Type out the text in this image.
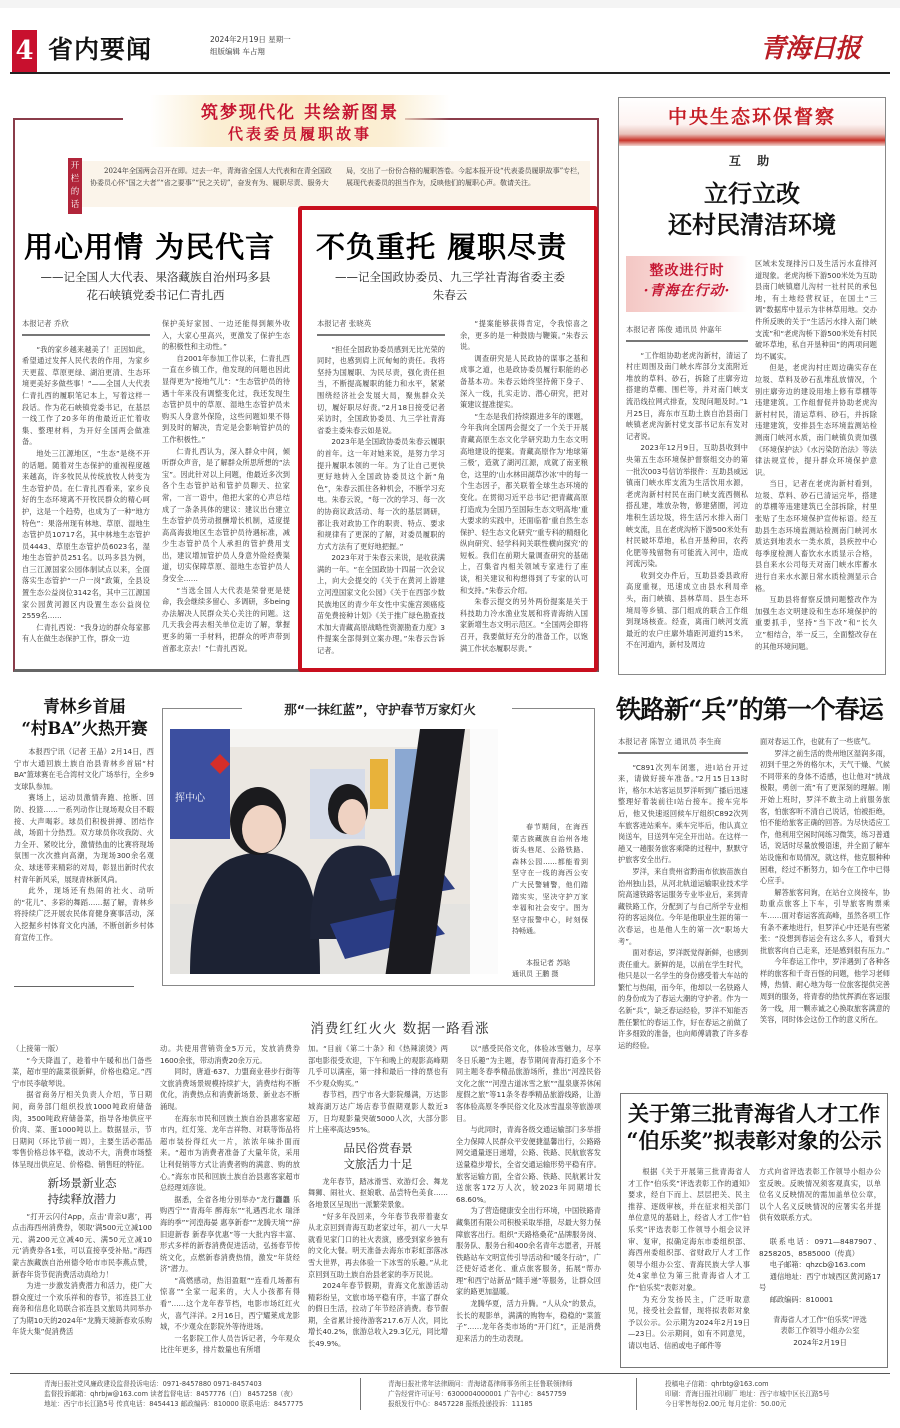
4 省内要闻	2024年2月19日 星期一
组版编辑 车占翔	青海日报
筑梦现代化 共绘新图景
代表委员履职故事
开栏的话

2024年全国两会召开在即。过去一年，青海省全国人大代表和在青全国政协委员心怀“国之大者”“省之要事”“民之关切”，奋发有为、履职尽责、服务大局，交出了一份份合格的履职答卷。今起本报开设“代表委员履职故事”专栏，展现代表委员的担当作为，反映他们的履职心声。敬请关注。

用心用情 为民代言
——记全国人大代表、果洛藏族自治州玛多县
花石峡镇党委书记仁青扎西
本报记者 乔欣

“我的家乡越来越美了！正因如此，希望通过发挥人民代表的作用，为家乡天更蓝、草原更绿、湖泊更清、生态环境更美好多做些事！”——全国人大代表仁青扎西的履职笔记本上，写着这样一段话。作为花石峡镇党委书记，在基层一线工作了20多年的他最近正忙着收集、整理材料，为开好全国两会做准备。

地处三江源地区，“生态”是绕不开的话题。随着对生态保护的重视程度越来越高，许多牧民从传统放牧人转变为生态管护员。在仁青扎西看来，家乡良好的生态环境离不开牧民群众的精心呵护，这是一个趋势，也成为了一种“地方特色”：果洛州现有林地、草原、湿地生态管护员10717名，其中林地生态管护员4443、草原生态管护员6023名，湿地生态管护员251名。以玛多县为例，自三江源国家公园体制试点以来，全面落实生态管护“一户一岗”政策，全县设置生态公益岗位3142名，其中三江源国家公园黄河源区内设置生态公益岗位2559名……

仁青扎西说：“我身边的群众每家都有人在做生态保护工作，群众一边

保护美好家园、一边还能得到额外收入，大家心里高兴，更激发了保护生态的积极性和主动性。”

自2001年参加工作以来，仁青扎西一直在乡镇工作，他发现的问题也因此显得更为“接地气儿”：“生态管护员的待遇十年来没有调整变化过，我还发现生态管护员中的草原、湿地生态管护员未购买人身意外保险，这些问题如果不得到及时的解决，肯定是会影响管护员的工作积极性。”

仁青扎西认为，深入群众中间，倾听群众声音，是了解群众所思所想的“法宝”。因此针对以上问题，他最近多次到各个生态管护站和管护员聊天、拉家常，一言一语中，他把大家的心声总结成了一条条具体的建议：建议出台建立生态管护员劳动报酬增长机制，适度提高高海拔地区生态管护员待遇标准，减少生态管护员个人承担的管护费用支出，建议增加管护员人身意外险经费渠道，切实保障草原、湿地生态管护员人身安全……

“当选全国人大代表是荣誉更是使命，我会继续多留心、多调研，多being办法解决人民群众关心关注的问题。这几天我会再去相关单位走访了解，掌握更多的第一手材料，把群众的呼声带到首都北京去！”仁青扎西说。

不负重托 履职尽责
——记全国政协委员、九三学社青海省委主委
朱春云
本报记者 张晓英

“担任全国政协委员感到无比光荣的同时，也感到肩上沉甸甸的责任。我将坚持为国履职、为民尽责，强化责任担当，不断提高履职的能力和水平，紧紧围绕经济社会发展大局，聚焦群众关切，履好职尽好责。”2月18日接受记者采访时，全国政协委员、九三学社青海省委主委朱春云如是说。

2023年是全国政协委员朱春云履职的首年。这一年对她来说，是努力学习提升履职本领的一年。为了让自己更快更好地转入全国政协委员这个新“角色”，朱春云抓住各种机会，不断学习充电。朱春云说，“每一次的学习、每一次的协商议政活动、每一次的基层调研，都让我对政协工作的职责、特点、要求和规律有了更深的了解，对委员履职的方式方法有了更好地把握。”

2023年对于朱春云来说，是收获满满的一年。“在全国政协十四届一次会议上，向大会提交的《关于在黄河上游建立河湟国家文化公园》《关于在西部少数民族地区的青少年女性中实施宫颈癌疫苗免费接种计划》《关于推广绿色勘查技术加大青藏高原战略性资源勘查力度》3件提案全部得到立案办理。”朱春云告诉记者。

“提案能够获得肯定，令我惊喜之余，更多的是一种鼓励与鞭策。”朱春云说。

调查研究是人民政协的谋事之基和成事之道，也是政协委员履行职能的必备基本功。朱春云始终坚持俯下身子、深入一线，扎实走访、潜心研究，把对策建议提准提实。

“生态是我们持续跟进多年的课题，今年我向全国两会提交了一个关于开展青藏高原生态文化学研究助力生态文明高地建设的提案。青藏高原作为‘地球第三极’，造就了湖河江源，成就了南亚粮仓，这里的‘山水林田湖草沙冰’中的每一个生态因子，都关联着全球生态环境的变化。在贯彻习近平总书记‘把青藏高原打造成为全国乃至国际生态文明高地’重大要求的实践中，还面临着‘重自然生态保护、轻生态文化研究’‘重专科的精细化纵向研究、轻学科间关联性横向探究’的短板。我们在前期大量调查研究的基础上，召集省内相关领域专家进行了座谈，相关建议和构想得到了专家的认可和支持。”朱春云介绍。

朱春云提交的另外两份提案是关于科技助力冷水渔业发展和将青海纳入国家新增生态文明示范区。“全国两会即将召开，我要做好充分的准备工作，以饱满工作状态履职尽责。”

中央生态环保督察
互 助
立行立改
还村民清洁环境
整改进行时
·青海在行动·
本报记者 陈俊 通讯员 仲嘉年

“工作组协助老虎沟新村，清运了村庄周围及南门峡水库部分支流附近堆放的草料、砂石，拆除了庄廓旁边搭建的草棚、围栏等，并对南门峡支流沿线拉网式排查，发现问题及时。”1月25日，海东市互助土族自治县南门峡镇老虎沟新村党支部书记东有发对记者说。

2023年12月9日，互助县收到中央第五生态环境保护督察组交办的第一批次003号信访举报件：互助县威远镇南门峡水库支流为生活饮用水源，老虎沟新村村民在南门峡支流西侧私搭乱建，堆放杂物，修建猪圈，河边堆积生活垃圾，将生活污水排入南门峡支流，且在老虎沟桥下游500米处有村民破坏草地，私自开垦种田，农药化肥等残留物有可能流入河中，造成河流污染。

收到交办件后，互助县委县政府高度重视，迅速成立由县水利局牵头，南门峡镇、县林草局、县生态环境局等乡镇、部门组成的联合工作组到现场核查。经查，离南门峡河支流最近的农户庄廓外墙距河道约15米，不在河道内，新村及周边

区域未发现排污口及生活污水直排河道现象。老虎沟桥下游500米处为互助县南门峡镇磨儿沟村一社村民的承包地，有土地经营权证，在国土“三调”数据库中显示为非林草用地。交办件所反映的关于“生活污水排入南门峡支流”和“老虎沟桥下游500米处有村民破坏草地，私自开垦种田”的两项问题均不属实。

但是，老虎沟村庄周边确实存在垃圾、草料及砂石乱堆乱放情况，个别庄廓旁边的建设用地上修有草棚等违建建筑。工作组督促并协助老虎沟新村村民，清运草料、砂石，并拆除违建建筑，安排县生态环境监测站检测南门峡河水质，南门峡镇负责加强《环境保护法》《水污染防治法》等法律法规宣传，提升群众环境保护意识。

当日，记者在老虎沟新村看到，垃圾、草料、砂石已清运完毕，搭建的草棚等违建建筑已全部拆除，村里张贴了生态环境保护宣传标语。经互助县生态环境监测站检测南门峡河水质达到地表水一类水质，县疾控中心每季度检测人畜饮水水质显示合格，县自来水公司每天对南门峡水库蓄水进行自来水水源日常水质检测显示合格。

互助县将督察反馈问题整改作为加强生态文明建设和生态环境保护的重要抓手，坚持“当下改”和“长久立”相结合，举一反三，全面整改存在的其他环境问题。

青林乡首届
“村BA”火热开赛

本报西宁讯（记者 王晶）2月14日，西宁市大通回族土族自治县青林乡首届“村BA”篮球赛在毛合湾村文化广场举行，全乡9支球队参加。

赛场上，运动员激情奔跑、抢断、回防、投篮……一系列动作让现场观众目不暇接、大声喝彩。球员们积极拼搏、团结作战，场面十分热烈。双方球员你攻我防、火力全开、紧咬比分，激情热血的比赛将现场氛围一次次推向高潮，为现场300余名观众、球迷带来精彩的对局，彰显出新时代农村青年新风采，展现青林新风尚。

此外，现场还有热闹的社火、动听的“花儿”、多彩的舞蹈……据了解，青林乡将持续广泛开展农民体育健身赛事活动，深入挖掘乡村体育文化内涵，不断创新乡村体育宣传工作。

那“一抹红蓝”，守护春节万家灯火
挥中心

春节期间，在海西蒙古族藏族自治州各地街头巷尾、公路铁路、森林公园……都能看到坚守在一线的海西公安广大民警辅警，他们踏踏实实，坚决守护万家幸福和社会安宁。图为坚守报警中心，时刻保持畅通。

本报记者 苏晗
通讯员 王鹏 摄
铁路新“兵”的第一个春运
本报记者 陈智立 通讯员 李生商

“C891次列车闭塞，进Ⅰ站台开过来，请做好接车准备。”2月15日13时许，格尔木站客运员罗洋听到广播后迅速整理好着装前往Ⅰ站台接车。接车完毕后，他又快速返回候车厅组织C892次列车旅客进站乘车。乘车完毕后，他认真立岗送车，目送列车完全开出站。在这样一趟又一趟服务旅客乘降的过程中，默默守护旅客安全出行。

罗洋，来自贵州省黔南布依族苗族自治州独山县，从河北轨道运输职业技术学院高速铁路客运服务专业毕业后，来到青藏铁路工作，分配到了与自己所学专业相符的客运岗位。今年是他职业生涯的第一次春运，也是他人生的第一次“职场大考”。

面对春运，罗洋既觉得新鲜，也感到责任重大。新鲜的是，以前在学生时代，他只是以一名学生的身份感受着大车站的繁忙与热闹，而今年，他却以一名铁路人的身份成为了春运大潮的守护者。作为一名新“兵”，缺乏春运经验，罗洋不知能否胜任繁忙的春运工作，好在春运之前做了许多细致的准备，也向师傅请教了许多春运的经验。

面对春运工作，也就有了一些底气。

罗洋之前生活的贵州地区湿润多雨，初到千里之外的格尔木，天气干燥、气候不同带来的身体不适感，也让他对“挑战极限，勇创一流”有了更深刻的理解。刚开始上班时，罗洋不敢主动上前服务旅客，怕旅客听不清自己说话，怕被拒绝，怕不能给旅客正确的回答。为尽快适应工作，他利用空闲时间练习微笑，练习普通话，说话时尽量放慢语速，并全面了解车站设施和布局情况，就这样，他克服种种困难，经过不断努力，如今在工作中已得心应手。

解答旅客问询，在站台立岗接车，协助重点旅客上下车，引导旅客购票乘车……面对春运客流高峰，虽然各项工作有条不紊地进行，但罗洋心中还是有些紧张：“没想到春运会有这么多人，看到大批旅客向自己走来，还是感到很有压力。”

今年春运工作中，罗洋遇到了各种各样的旅客和千奇百怪的问题，他学习老师傅，热情、耐心地为每一位旅客提供完善周到的服务，将青春的热忱挥洒在客运服务一线，用一颗赤诚之心换取旅客满意的笑容，同时体会这份工作的意义所在。

消费红红火火 数据一路看涨
（上接第一版）

“今天降温了，趁着中午暖和出门备些菜，超市里的蔬菜很新鲜，价格也稳定。”西宁市民李敏琴说。

据省商务厅相关负责人介绍，节日期间，商务部门组织投放1000吨政府储备肉，3500吨政府储备菜，指导各地供应平价肉、菜、蛋1000吨以上。数据显示，节日期间（环比节前一周），主要生活必需品零售价格总体平稳，波动不大，消费市场整体呈现出供应足、价格稳、销售旺的特征。

新场景新业态
持续释放潜力

“打开云闪付App，点击‘青亲U惠’，再点击海西州消费券，领取‘满500元立减100元、满200元立减40元、满50元立减10元’消费券各1张，可以直接享受补贴。”海西蒙古族藏族自治州德令哈市市民李燕点赞，新春年货节促消费活动真给力！

为进一步激发消费潜力和活力，使广大群众度过一个欢乐祥和的春节，祁连县工业商务和信息化局联合祁连县文旅局共同举办了为期10天的2024年“龙腾天境新春欢乐购年货大集”促消费活

动。共使用营销资金5万元，发放消费券1600余张，带动消费20余万元。

同时，唐道·637、力盟商业巷步行街等文旅消费场景规模持续扩大，消费结构不断优化，消费热点和消费新场景、新业态不断涌现。

在海东市民和回族土族自治县惠客家超市内，红灯笼、龙年吉祥物、对联等饰品将超市装扮得红火一片，浓浓年味扑面而来。“超市为消费者准备了大量年货，采用让利促销等方式让消费者购的满意、购的放心。”海东市民和回族土族自治县惠客家超市总经理刘彦说。

据悉，全省各地分别举办“龙行龘龘 乐购西宁”“青海年 醉海东”“礼遇西北水 瑞泽海的季”“河湟海晏 惠享新春”“龙腾天境”“辞旧迎新春 新春享优惠”等一大批内容丰富、形式多样的新春消费促进活动，弘扬春节传统文化，点燃新春消费热情，激发“年货经济”潜力。

“高燃感动，热泪盈眶”“连看几场都有惊喜”“全家一起来的，大人小孩都有得看”……这个龙年春节档，电影市场红红火火，喜气洋洋。2月16日，西宁耀莱成龙影城，不少观众在影院外等待进场。

一名影院工作人员告诉记者，今年观众比往年更多，排片数量也有所增

加。“目前《第二十条》和《热辣滚烫》两部电影很受欢迎，下午和晚上的观影高峰期几乎可以满座，第一排和最后一排的票也有不少观众购买。”

春节档，西宁市各大影院爆满，万达影城海湖万达广场店春节假期观影人数近3万，日均观影量突破5000人次，大部分影片上座率高达95%。

品民俗赏春景
文旅活力十足

龙年春节，踏冰滑雪、欢游灯会、舞龙舞狮、闹社火、抠娘歌、品尝特色美食……各地景区呈现出一派繁荣景象。

“好多年没回来，今年春节我带着妻女从北京回到青海互助老家过年，初八一大早就看见家门口的社火表演，感受到家乡独有的文化大餐。明天准备去海东市彩虹部落冰雪大世界，再去体验一下冰雪的乐趣。”从北京回到互助土族自治县老家的李万民说。

2024年春节假期，青海文化旅游活动精彩纷呈，文旅市场平稳有序，丰富了群众的假日生活，拉动了年节经济消费。春节假期，全省累计接待游客217.6万人次，同比增长40.2%，旅游总收入29.3亿元，同比增长49.9%。

以“感受民俗文化，体验冰雪魅力，尽享冬日乐趣”为主题，春节期间青海打造多个不同主题冬春季精品旅游场所，推出“河湟民俗文化之旅”“河湟古道冰雪之旅”“温泉康养休闲度假之旅”等11条冬春季精品旅游线路，让游客体验高原冬季民俗文化及冰雪温泉等旅游项目。

与此同时，青海各级交通运输部门多举措全力保障人民群众平安便捷温馨出行，公路路网交通量逐日递增，公路、铁路、民航旅客发送量稳步增长，全省交通运输形势平稳有序。旅客运输方面，全省公路、铁路、民航累计发送旅客172万人次，较2023年同期增长68.60%。

为了营造健康安全出行环境，中国铁路青藏集团有限公司积极采取举措，尽最大努力保障旅客出行。组织“天路格桑花”品牌服务岗、服务队、服务台和400余名青年志愿者，开展铁路站车文明宣传引导活动和“暖冬行动”，广泛使好适老化、重点旅客服务，拓展“帮办理”和西宁站新品“随手递”等服务，让群众回家的路更加温暖。

龙腾华夏，活力升腾。“人从众”的景点，长长的观影单，满满的购物车，稳稳的“菜篮子”……龙年各类市场的“开门红”，正是消费迎来活力的生动表现。

关于第三批青海省人才工作
“伯乐奖”拟表彰对象的公示

根据《关于开展第三批青海省人才工作“伯乐奖”评选表彰工作的通知》要求，经自下而上、层层把关、民主推荐、逐级审核，并在征求相关部门单位意见的基础上，经省人才工作“伯乐奖”评选表彰工作领导小组会议评审、复审，拟确定海东市委组织部、海西州委组织部、省财政厅人才工作领导小组办公室、青海民族大学人事处4家单位为第三批青海省人才工作“伯乐奖”表彰对象。

为充分发扬民主，广泛听取意见，接受社会监督，现将拟表彰对象予以公示。公示期为2024年2月19日—23日。公示期间，如有不同意见，请以电话、信函或电子邮件等

方式向省评选表彰工作领导小组办公室反映。反映情况须客观真实，以单位名义反映情况的需加盖单位公章，以个人名义反映情况的应署实名并提供有效联系方式。

联系电话：0971—8487907、8258205、8585000（传真）
电子邮箱：qhzcb@163.com
通信地址：西宁市城西区黄河路17号
邮政编码：810001
青海省人才工作“伯乐奖”评选
表彰工作领导小组办公室
2024年2月19日
青海日报社党风廉政建设监督投诉电话：0971-8457880 0971-8457403
监督投诉邮箱：qhrbjw@163.com 读者监督电话：8457776（白） 8457258（夜）
地址：西宁市长江路5号 传真电话：8454413 邮政编码：810000 联系电话：8457775
青海日报社常年法律顾问：青海诸葛律师事务所主任鲁联领律师
广告经营许可证号：6300004000001 广告中心：8457759
报纸发行中心：8457228 报纸投递投诉：11185
投稿电子信箱：qhrbtg@163.com
印刷：青海日报社印刷厂 地址：西宁市城中区长江路5号
今日零售每份2.00元 每月定价：50.00元
